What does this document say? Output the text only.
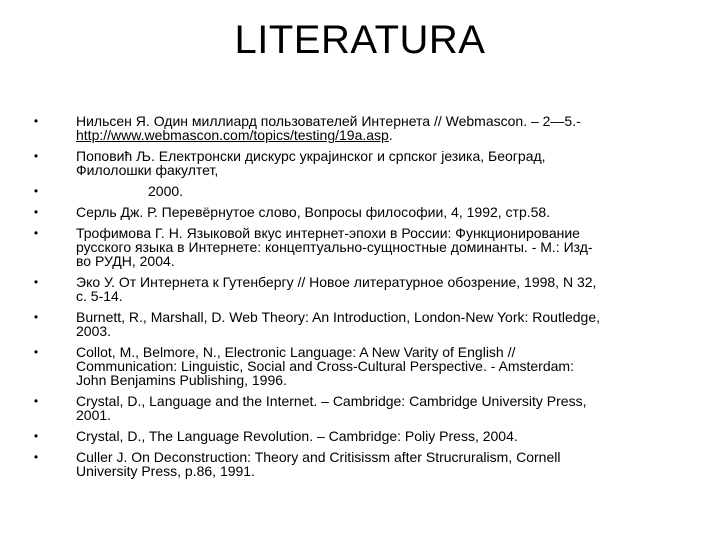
LITERATURA
•	Нильсен Я. Один миллиард пользователей Интернета // Webmascon. – 2—5.-
http://www.webmascon.com/topics/testing/19a.asp.
•	Поповић Љ. Електронски дискурс украјинског и српског језика, Београд,
Филолошки факултет,
•	2000.
•	Серль Дж. Р. Перевёрнутое слово, Вопросы философии, 4, 1992, стр.58.
•	Трофимова Г. Н. Языковой вкус интернет-эпохи в России: Функционирование
русского языка в Интернете: концептуально-сущностные доминанты. - М.: Изд-
во РУДН, 2004.
•	Эко У. От Интернета к Гутенбергу // Новое литературное обозрение, 1998, N 32,
с. 5-14.
•	Burnett, R., Marshall, D. Web Theory: An Introduction, London-New York: Routledge,
2003.
•	Collot, M., Belmore, N., Electronic Language: A New Varity of English //
Communication: Linguistic, Social and Cross-Cultural Perspective. - Amsterdam:
John Benjamins Publishing, 1996.
•	Crystal, D., Language and the Internet. – Cambridge: Cambridge University Press,
2001.
•	Crystal, D., The Language Revolution. – Cambridge: Poliy Press, 2004.
•	Culler J. On Deconstruction: Theory and Critisissm after Strucruralism, Cornell
University Press, p.86, 1991.
